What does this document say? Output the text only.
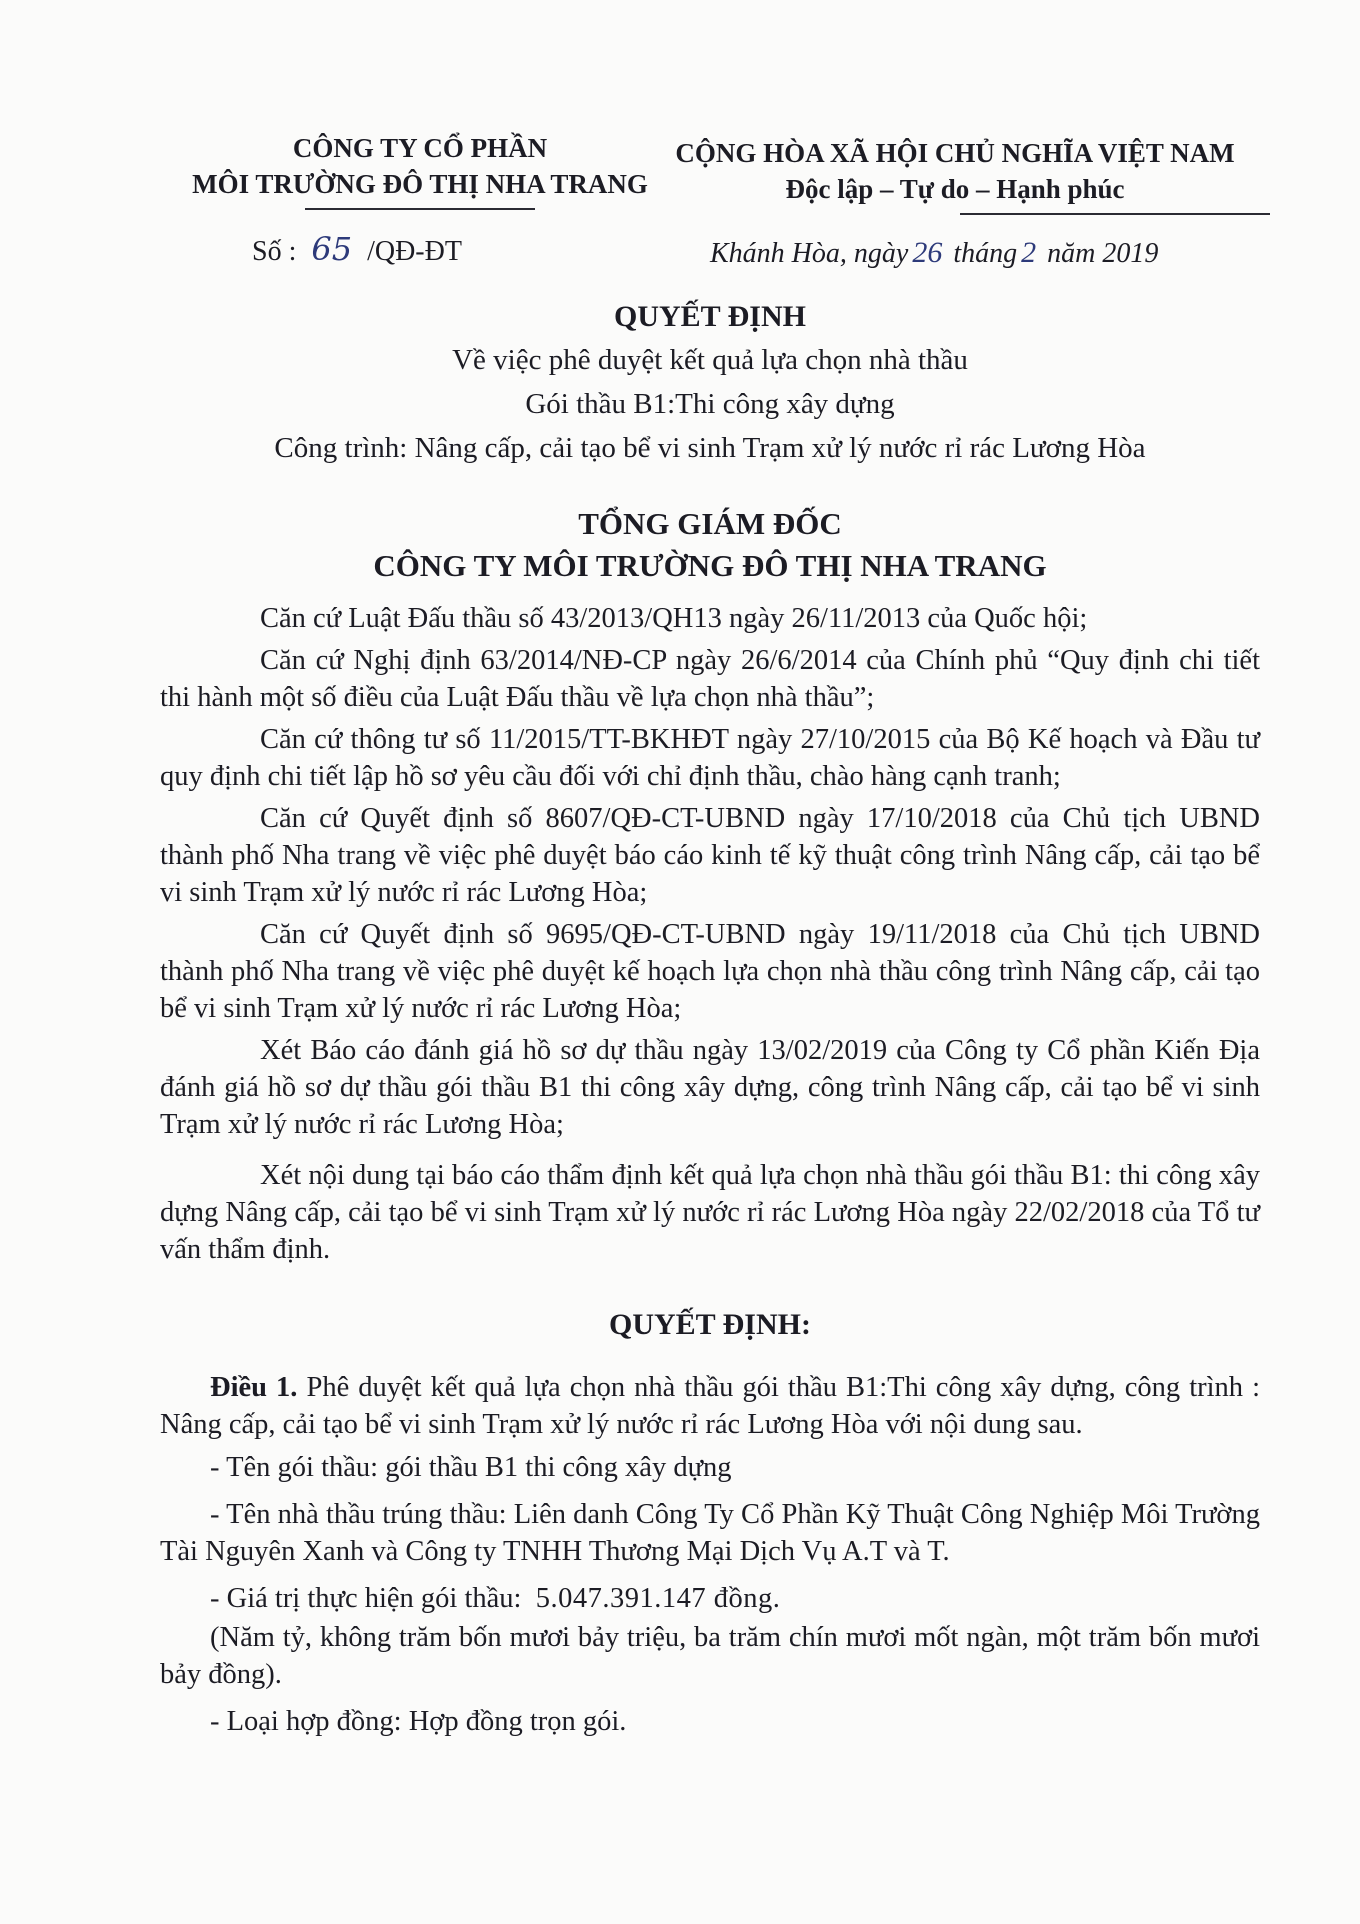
CÔNG TY CỔ PHẦN
MÔI TRƯỜNG ĐÔ THỊ NHA TRANG
CỘNG HÒA XÃ HỘI CHỦ NGHĨA VIỆT NAM
Độc lập – Tự do – Hạnh phúc
Số : 65 /QĐ-ĐT	Khánh Hòa, ngày 26 tháng 2 năm 2019
QUYẾT ĐỊNH
Về việc phê duyệt kết quả lựa chọn nhà thầu
Gói thầu B1:Thi công xây dựng
Công trình: Nâng cấp, cải tạo bể vi sinh Trạm xử lý nước rỉ rác Lương Hòa
TỔNG GIÁM ĐỐC
CÔNG TY MÔI TRƯỜNG ĐÔ THỊ NHA TRANG

Căn cứ Luật Đấu thầu số 43/2013/QH13 ngày 26/11/2013 của Quốc hội;

Căn cứ Nghị định 63/2014/NĐ-CP ngày 26/6/2014 của Chính phủ “Quy định chi tiết thi hành một số điều của Luật Đấu thầu về lựa chọn nhà thầu”;

Căn cứ thông tư số 11/2015/TT-BKHĐT ngày 27/10/2015 của Bộ Kế hoạch và Đầu tư quy định chi tiết lập hồ sơ yêu cầu đối với chỉ định thầu, chào hàng cạnh tranh;

Căn cứ Quyết định số 8607/QĐ-CT-UBND ngày 17/10/2018 của Chủ tịch UBND thành phố Nha trang về việc phê duyệt báo cáo kinh tế kỹ thuật công trình Nâng cấp, cải tạo bể vi sinh Trạm xử lý nước rỉ rác Lương Hòa;

Căn cứ Quyết định số 9695/QĐ-CT-UBND ngày 19/11/2018 của Chủ tịch UBND thành phố Nha trang về việc phê duyệt kế hoạch lựa chọn nhà thầu công trình Nâng cấp, cải tạo bể vi sinh Trạm xử lý nước rỉ rác Lương Hòa;

Xét Báo cáo đánh giá hồ sơ dự thầu ngày 13/02/2019 của Công ty Cổ phần Kiến Địa đánh giá hồ sơ dự thầu gói thầu B1 thi công xây dựng, công trình Nâng cấp, cải tạo bể vi sinh Trạm xử lý nước rỉ rác Lương Hòa;

Xét nội dung tại báo cáo thẩm định kết quả lựa chọn nhà thầu gói thầu B1: thi công xây dựng Nâng cấp, cải tạo bể vi sinh Trạm xử lý nước rỉ rác Lương Hòa ngày 22/02/2018 của Tổ tư vấn thẩm định.

QUYẾT ĐỊNH:

Điều 1. Phê duyệt kết quả lựa chọn nhà thầu gói thầu B1:Thi công xây dựng, công trình : Nâng cấp, cải tạo bể vi sinh Trạm xử lý nước rỉ rác Lương Hòa với nội dung sau.

- Tên gói thầu: gói thầu B1 thi công xây dựng

- Tên nhà thầu trúng thầu: Liên danh Công Ty Cổ Phần Kỹ Thuật Công Nghiệp Môi Trường Tài Nguyên Xanh và Công ty TNHH Thương Mại Dịch Vụ A.T và T.

- Giá trị thực hiện gói thầu: 5.047.391.147 đồng.

(Năm tỷ, không trăm bốn mươi bảy triệu, ba trăm chín mươi mốt ngàn, một trăm bốn mươi bảy đồng).

- Loại hợp đồng: Hợp đồng trọn gói.
